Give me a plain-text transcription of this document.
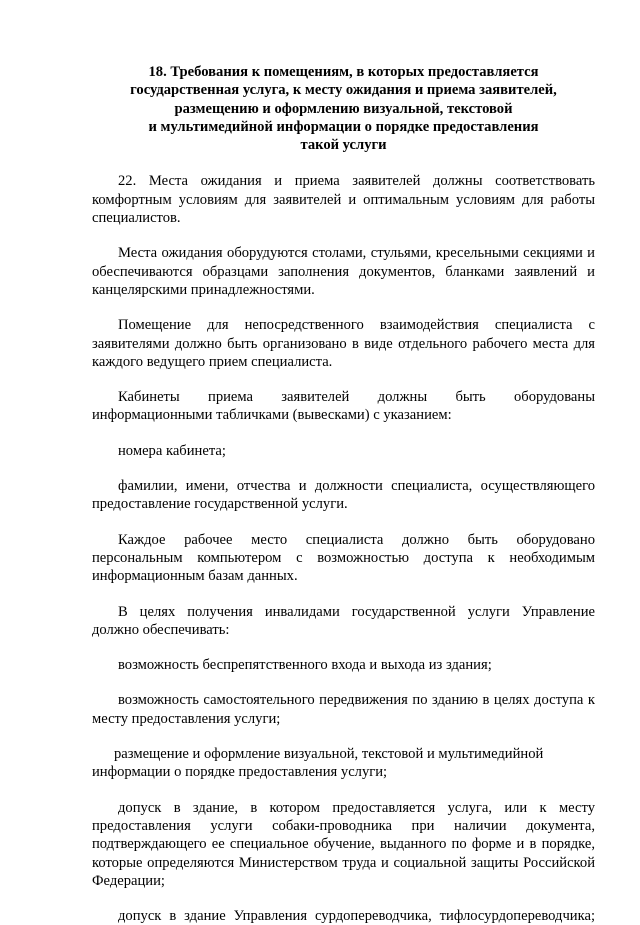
18. Требования к помещениям, в которых предоставляется
государственная услуга, к месту ожидания и приема заявителей,
размещению и оформлению визуальной, текстовой
и мультимедийной информации о порядке предоставления
такой услуги

22. Места ожидания и приема заявителей должны соответствовать комфортным условиям для заявителей и оптимальным условиям для работы специалистов.

Места ожидания оборудуются столами, стульями, кресельными секциями и обеспечиваются образцами заполнения документов, бланками заявлений и канцелярскими принадлежностями.

Помещение для непосредственного взаимодействия специалиста с заявителями должно быть организовано в виде отдельного рабочего места для каждого ведущего прием специалиста.

Кабинеты приема заявителей должны быть оборудованы информационными табличками (вывесками) с указанием:

номера кабинета;

фамилии, имени, отчества и должности специалиста, осуществляющего предоставление государственной услуги.

Каждое рабочее место специалиста должно быть оборудовано персональным компьютером с возможностью доступа к необходимым информационным базам данных.

В целях получения инвалидами государственной услуги Управление должно обеспечивать:

возможность беспрепятственного входа и выхода из здания;

возможность самостоятельного передвижения по зданию в целях доступа к месту предоставления услуги;

размещение и оформление визуальной, текстовой и мультимедийной
информации о порядке предоставления услуги;

допуск в здание, в котором предоставляется услуга, или к месту предоставления услуги собаки-проводника при наличии документа, подтверждающего ее специальное обучение, выданного по форме и в порядке, которые определяются Министерством труда и социальной защиты Российской Федерации;

допуск в здание Управления сурдопереводчика, тифлосурдопереводчика;
